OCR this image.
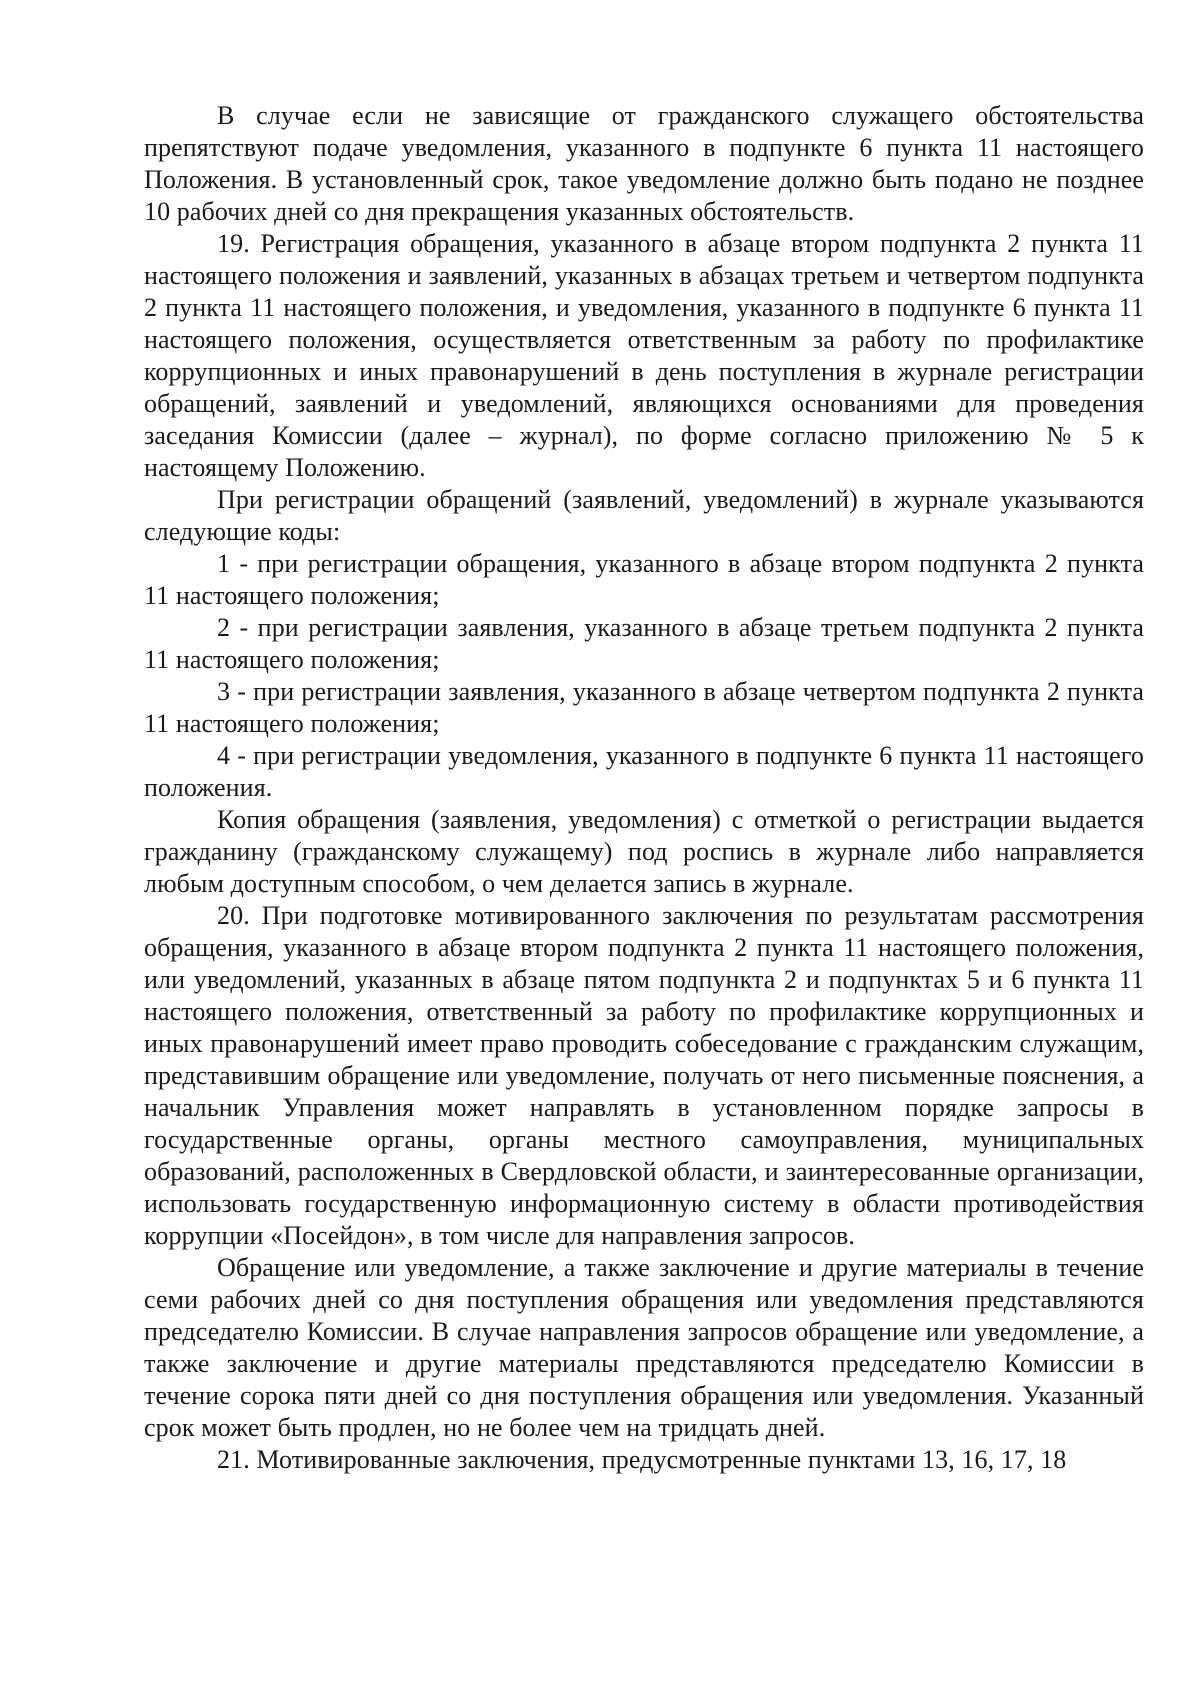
В случае если не зависящие от гражданского служащего обстоятельства препятствуют подаче уведомления, указанного в подпункте 6 пункта 11 настоящего Положения. В установленный срок, такое уведомление должно быть подано не позднее 10 рабочих дней со дня прекращения указанных обстоятельств.

19. Регистрация обращения, указанного в абзаце втором подпункта 2 пункта 11 настоящего положения и заявлений, указанных в абзацах третьем и четвертом подпункта 2 пункта 11 настоящего положения, и уведомления, указанного в подпункте 6 пункта 11 настоящего положения, осуществляется ответственным за работу по профилактике коррупционных и иных правонарушений в день поступления в журнале регистрации обращений, заявлений и уведомлений, являющихся основаниями для проведения заседания Комиссии (далее – журнал), по форме согласно приложению № 5 к настоящему Положению.

При регистрации обращений (заявлений, уведомлений) в журнале указываются следующие коды:

1 - при регистрации обращения, указанного в абзаце втором подпункта 2 пункта 11 настоящего положения;

2 - при регистрации заявления, указанного в абзаце третьем подпункта 2 пункта 11 настоящего положения;

3 - при регистрации заявления, указанного в абзаце четвертом подпункта 2 пункта 11 настоящего положения;

4 - при регистрации уведомления, указанного в подпункте 6 пункта 11 настоящего положения.

Копия обращения (заявления, уведомления) с отметкой о регистрации выдается гражданину (гражданскому служащему) под роспись в журнале либо направляется любым доступным способом, о чем делается запись в журнале.

20. При подготовке мотивированного заключения по результатам рассмотрения обращения, указанного в абзаце втором подпункта 2 пункта 11 настоящего положения, или уведомлений, указанных в абзаце пятом подпункта 2 и подпунктах 5 и 6 пункта 11 настоящего положения, ответственный за работу по профилактике коррупционных и иных правонарушений имеет право проводить собеседование с гражданским служащим, представившим обращение или уведомление, получать от него письменные пояснения, а начальник Управления может направлять в установленном порядке запросы в государственные органы, органы местного самоуправления, муниципальных образований, расположенных в Свердловской области, и заинтересованные организации, использовать государственную информационную систему в области противодействия коррупции «Посейдон», в том числе для направления запросов.

Обращение или уведомление, а также заключение и другие материалы в течение семи рабочих дней со дня поступления обращения или уведомления представляются председателю Комиссии. В случае направления запросов обращение или уведомление, а также заключение и другие материалы представляются председателю Комиссии в течение сорока пяти дней со дня поступления обращения или уведомления. Указанный срок может быть продлен, но не более чем на тридцать дней.

21. Мотивированные заключения, предусмотренные пунктами 13, 16, 17, 18
